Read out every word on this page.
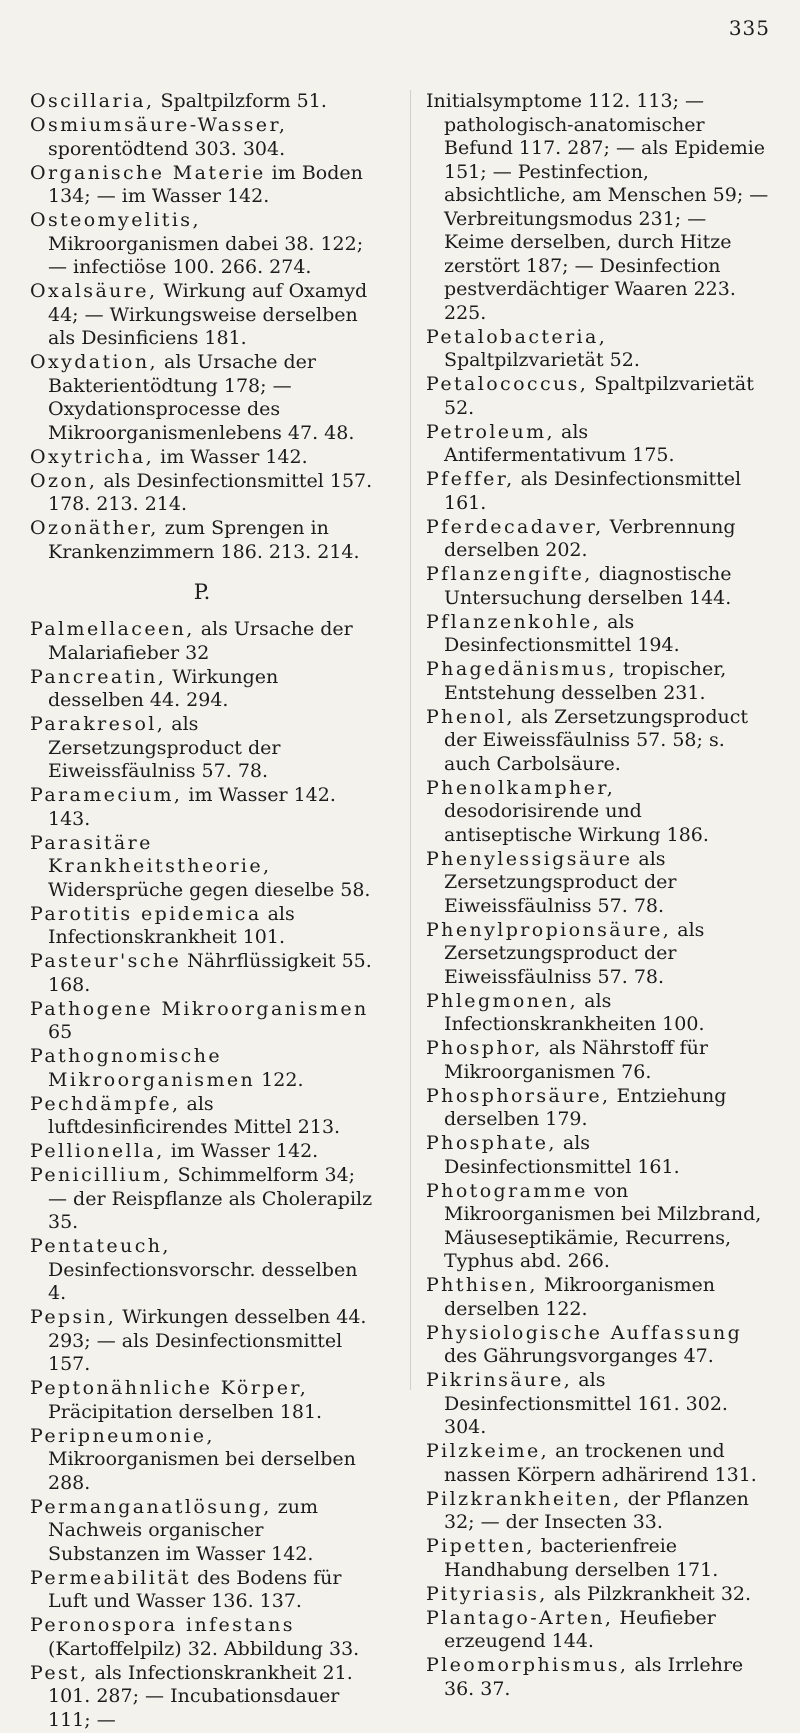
335
Oscillaria, Spaltpilzform 51.
Osmiumsäure-Wasser, sporentödtend 303. 304.
Organische Materie im Boden 134; — im Wasser 142.
Osteomyelitis, Mikroorganismen dabei 38. 122; — infectiöse 100. 266. 274.
Oxalsäure, Wirkung auf Oxamyd 44; — Wirkungsweise derselben als Desinficiens 181.
Oxydation, als Ursache der Bakterientödtung 178; — Oxydationsprocesse des Mikroorganismenlebens 47. 48.
Oxytricha, im Wasser 142.
Ozon, als Desinfectionsmittel 157. 178. 213. 214.
Ozonäther, zum Sprengen in Krankenzimmern 186. 213. 214.
P.
Palmellaceen, als Ursache der Malariafieber 32
Pancreatin, Wirkungen desselben 44. 294.
Parakresol, als Zersetzungsproduct der Eiweissfäulniss 57. 78.
Paramecium, im Wasser 142. 143.
Parasitäre Krankheitstheorie, Widersprüche gegen dieselbe 58.
Parotitis epidemica als Infectionskrankheit 101.
Pasteur'sche Nährflüssigkeit 55. 168.
Pathogene Mikroorganismen 65
Pathognomische Mikroorganismen 122.
Pechdämpfe, als luftdesinficirendes Mittel 213.
Pellionella, im Wasser 142.
Penicillium, Schimmelform 34; — der Reispflanze als Cholerapilz 35.
Pentateuch, Desinfectionsvorschr. desselben 4.
Pepsin, Wirkungen desselben 44. 293; — als Desinfectionsmittel 157.
Peptonähnliche Körper, Präcipitation derselben 181.
Peripneumonie, Mikroorganismen bei derselben 288.
Permanganatlösung, zum Nachweis organischer Substanzen im Wasser 142.
Permeabilität des Bodens für Luft und Wasser 136. 137.
Peronospora infestans (Kartoffelpilz) 32. Abbildung 33.
Pest, als Infectionskrankheit 21. 101. 287; — Incubationsdauer 111; —
Initialsymptome 112. 113; — pathologisch-anatomischer Befund 117. 287; — als Epidemie 151; — Pestinfection, absichtliche, am Menschen 59; — Verbreitungsmodus 231; — Keime derselben, durch Hitze zerstört 187; — Desinfection pestverdächtiger Waaren 223. 225.
Petalobacteria, Spaltpilzvarietät 52.
Petalococcus, Spaltpilzvarietät 52.
Petroleum, als Antifermentativum 175.
Pfeffer, als Desinfectionsmittel 161.
Pferdecadaver, Verbrennung derselben 202.
Pflanzengifte, diagnostische Untersuchung derselben 144.
Pflanzenkohle, als Desinfectionsmittel 194.
Phagedänismus, tropischer, Entstehung desselben 231.
Phenol, als Zersetzungsproduct der Eiweissfäulniss 57. 58; s. auch Carbolsäure.
Phenolkampher, desodorisirende und antiseptische Wirkung 186.
Phenylessigsäure als Zersetzungsproduct der Eiweissfäulniss 57. 78.
Phenylpropionsäure, als Zersetzungsproduct der Eiweissfäulniss 57. 78.
Phlegmonen, als Infectionskrankheiten 100.
Phosphor, als Nährstoff für Mikroorganismen 76.
Phosphorsäure, Entziehung derselben 179.
Phosphate, als Desinfectionsmittel 161.
Photogramme von Mikroorganismen bei Milzbrand, Mäuseseptikämie, Recurrens, Typhus abd. 266.
Phthisen, Mikroorganismen derselben 122.
Physiologische Auffassung des Gährungsvorganges 47.
Pikrinsäure, als Desinfectionsmittel 161. 302. 304.
Pilzkeime, an trockenen und nassen Körpern adhärirend 131.
Pilzkrankheiten, der Pflanzen 32; — der Insecten 33.
Pipetten, bacterienfreie Handhabung derselben 171.
Pityriasis, als Pilzkrankheit 32.
Plantago-Arten, Heufieber erzeugend 144.
Pleomorphismus, als Irrlehre 36. 37.
